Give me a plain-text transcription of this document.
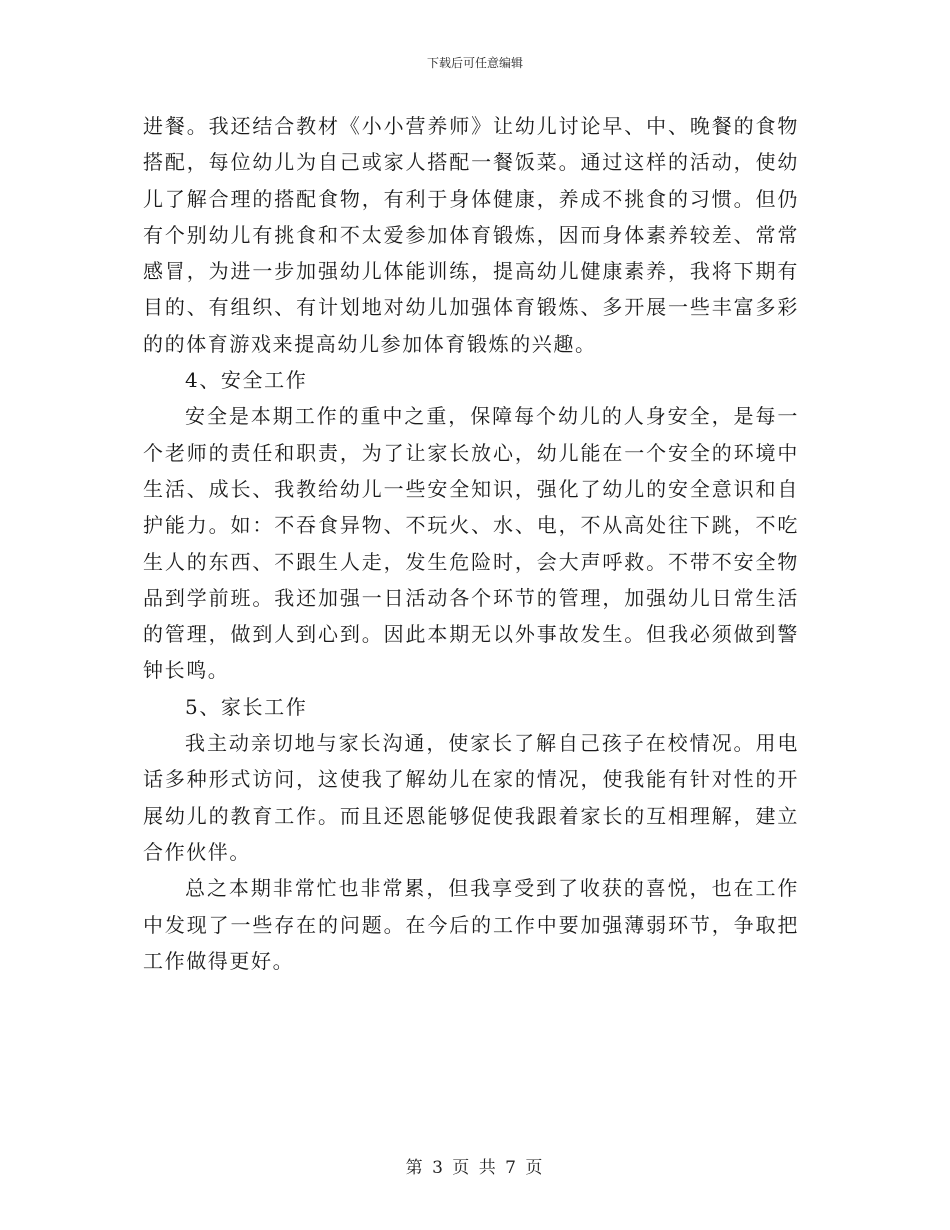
下载后可任意编辑

进餐。我还结合教材《小小营养师》让幼儿讨论早、中、晚餐的食物搭配，每位幼儿为自己或家人搭配一餐饭菜。通过这样的活动，使幼儿了解合理的搭配食物，有利于身体健康，养成不挑食的习惯。但仍有个别幼儿有挑食和不太爱参加体育锻炼，因而身体素养较差、常常感冒，为进一步加强幼儿体能训练，提高幼儿健康素养，我将下期有目的、有组织、有计划地对幼儿加强体育锻炼、多开展一些丰富多彩的的体育游戏来提高幼儿参加体育锻炼的兴趣。

4、安全工作

安全是本期工作的重中之重，保障每个幼儿的人身安全，是每一个老师的责任和职责，为了让家长放心，幼儿能在一个安全的环境中生活、成长、我教给幼儿一些安全知识，强化了幼儿的安全意识和自护能力。如：不吞食异物、不玩火、水、电，不从高处往下跳，不吃生人的东西、不跟生人走，发生危险时，会大声呼救。不带不安全物品到学前班。我还加强一日活动各个环节的管理，加强幼儿日常生活的管理，做到人到心到。因此本期无以外事故发生。但我必须做到警钟长鸣。

5、家长工作

我主动亲切地与家长沟通，使家长了解自己孩子在校情况。用电话多种形式访问，这使我了解幼儿在家的情况，使我能有针对性的开展幼儿的教育工作。而且还恩能够促使我跟着家长的互相理解，建立合作伙伴。

总之本期非常忙也非常累，但我享受到了收获的喜悦，也在工作中发现了一些存在的问题。在今后的工作中要加强薄弱环节，争取把工作做得更好。

第 3 页 共 7 页
